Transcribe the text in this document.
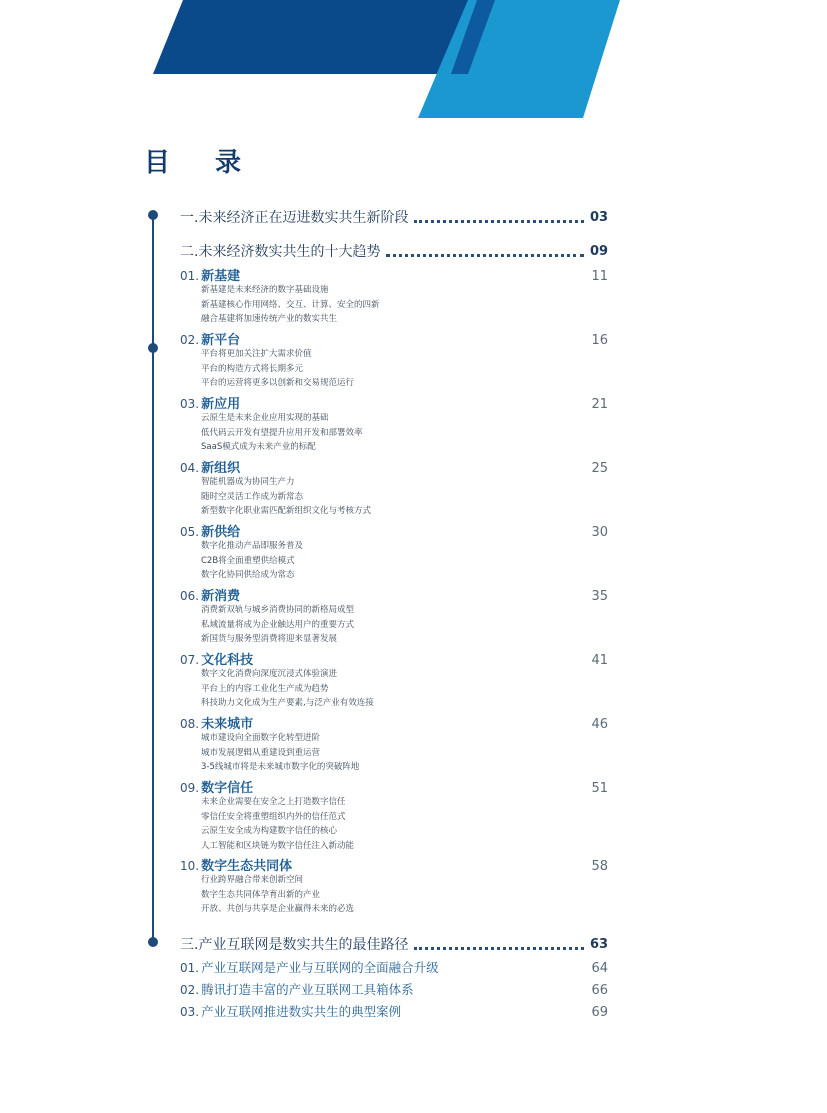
目 录
一.未来经济正在迈进数实共生新阶段	03
二.未来经济数实共生的十大趋势	09
01. 新基建	11
新基建是未来经济的数字基础设施
新基建核心作用网络、交互、计算、安全的四新
融合基建将加速传统产业的数实共生
02. 新平台	16
平台将更加关注扩大需求价值
平台的构造方式将长期多元
平台的运营将更多以创新和交易规范运行
03. 新应用	21
云原生是未来企业应用实现的基础
低代码云开发有望提升应用开发和部署效率
SaaS模式成为未来产业的标配
04. 新组织	25
智能机器成为协同生产力
随时空灵活工作成为新常态
新型数字化职业需匹配新组织文化与考核方式
05. 新供给	30
数字化推动产品即服务普及
C2B将全面重塑供给模式
数字化协同供给成为常态
06. 新消费	35
消费新双轨与城乡消费协同的新格局成型
私域流量将成为企业触达用户的重要方式
新国货与服务型消费将迎来显著发展
07. 文化科技	41
数字文化消费向深度沉浸式体验演进
平台上的内容工业化生产成为趋势
科技助力文化成为生产要素,与泛产业有效连接
08. 未来城市	46
城市建设向全面数字化转型进阶
城市发展逻辑从重建设到重运营
3-5线城市将是未来城市数字化的突破阵地
09. 数字信任	51
未来企业需要在安全之上打造数字信任
零信任安全将重塑组织内外的信任范式
云原生安全成为构建数字信任的核心
人工智能和区块链为数字信任注入新动能
10. 数字生态共同体	58
行业跨界融合带来创新空间
数字生态共同体孕育出新的产业
开放、共创与共享是企业赢得未来的必选
三.产业互联网是数实共生的最佳路径	63
01. 产业互联网是产业与互联网的全面融合升级	64
02. 腾讯打造丰富的产业互联网工具箱体系	66
03. 产业互联网推进数实共生的典型案例	69
